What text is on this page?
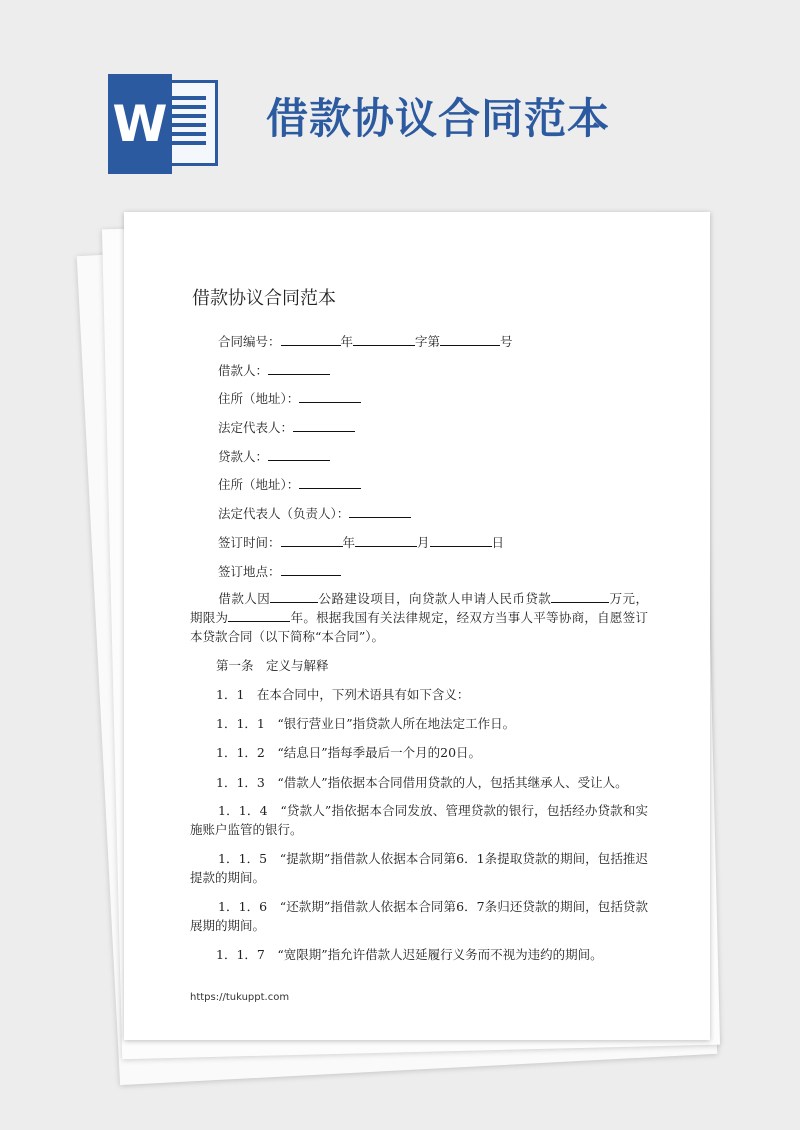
W 借款协议合同范本
借款协议合同范本
合同编号：	年	字第	号
借款人：
住所（地址）：
法定代表人：
贷款人：
住所（地址）：
法定代表人（负责人）：
签订时间：	年	月	日
签订地点：
借款人因	公路建设项目，向贷款人申请人民币贷款	万元，期限为	年。根据我国有关法律规定，经双方当事人平等协商，自愿签订本贷款合同（以下简称“本合同”）。
第一条　定义与解释
1．1　在本合同中，下列术语具有如下含义：
1．1．1　“银行营业日”指贷款人所在地法定工作日。
1．1．2　“结息日”指每季最后一个月的20日。
1．1．3　“借款人”指依据本合同借用贷款的人，包括其继承人、受让人。
1．1．4　“贷款人”指依据本合同发放、管理贷款的银行，包括经办贷款和实施账户监管的银行。
1．1．5　“提款期”指借款人依据本合同第6．1条提取贷款的期间，包括推迟提款的期间。
1．1．6　“还款期”指借款人依据本合同第6．7条归还贷款的期间，包括贷款展期的期间。
1．1．7　“宽限期”指允许借款人迟延履行义务而不视为违约的期间。
https://tukuppt.com
